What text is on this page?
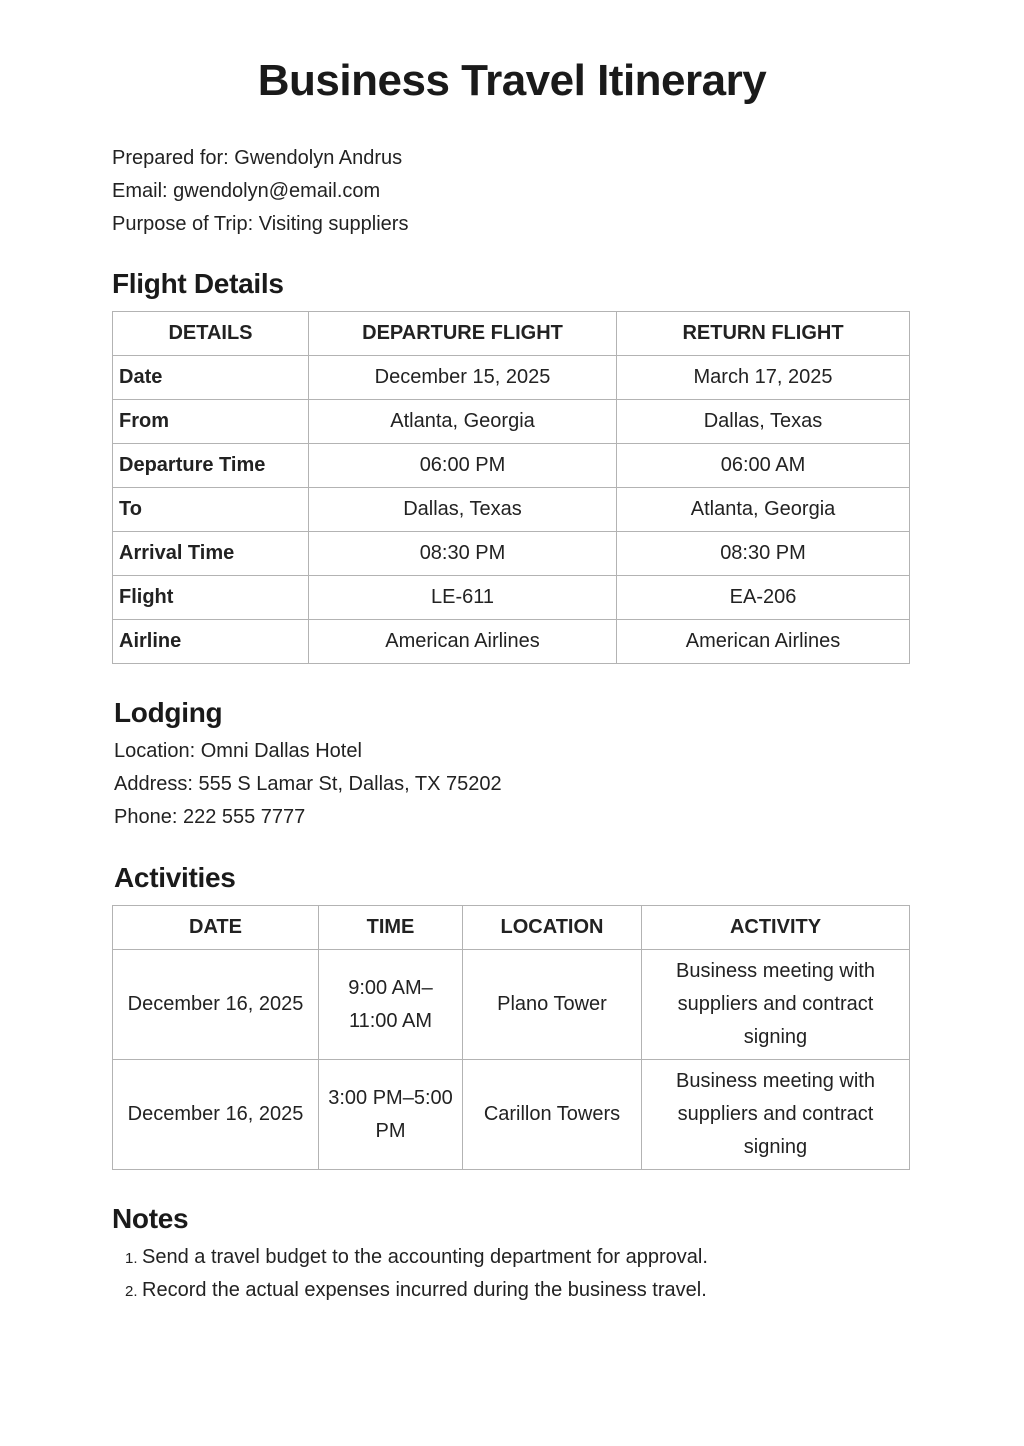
Business Travel Itinerary
Prepared for: Gwendolyn Andrus
Email: gwendolyn@email.com
Purpose of Trip: Visiting suppliers
Flight Details
DETAILS	DEPARTURE FLIGHT	RETURN FLIGHT
Date	December 15, 2025	March 17, 2025
From	Atlanta, Georgia	Dallas, Texas
Departure Time	06:00 PM	06:00 AM
To	Dallas, Texas	Atlanta, Georgia
Arrival Time	08:30 PM	08:30 PM
Flight	LE-611	EA-206
Airline	American Airlines	American Airlines
Lodging
Location: Omni Dallas Hotel
Address: 555 S Lamar St, Dallas, TX 75202
Phone: 222 555 7777
Activities
DATE	TIME	LOCATION	ACTIVITY
December 16, 2025	9:00 AM–11:00 AM	Plano Tower	Business meeting with suppliers and contract signing
December 16, 2025	3:00 PM–5:00 PM	Carillon Towers	Business meeting with suppliers and contract signing
Notes
1. Send a travel budget to the accounting department for approval.
2. Record the actual expenses incurred during the business travel.
